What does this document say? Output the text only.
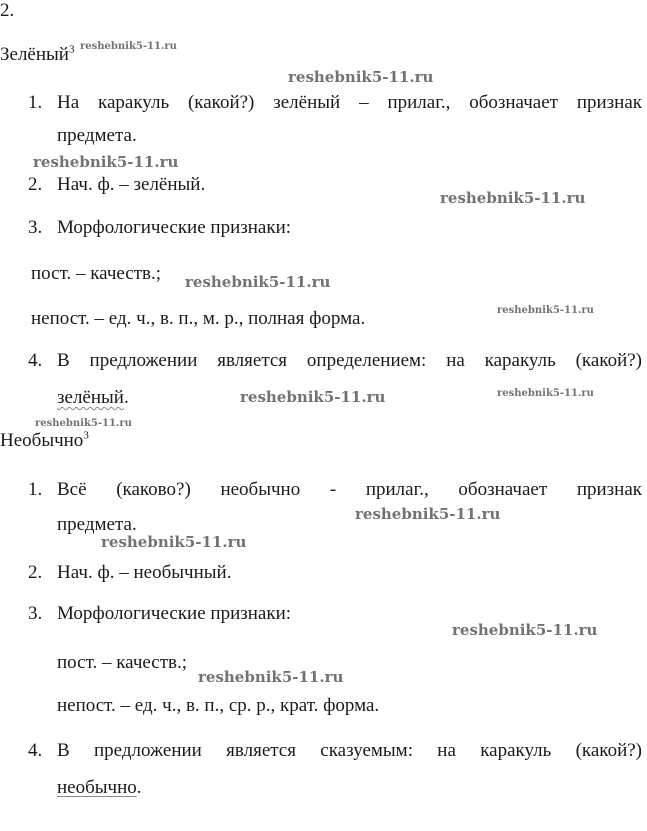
2.
Зелёный$^3$
1. На каракуль (какой?) зелёный – прилаг., обозначает признак
предмета.
2. Нач. ф. – зелёный.
3. Морфологические признаки:
пост. – качеств.;
непост. – ед. ч., в. п., м. р., полная форма.
4. В предложении является определением: на каракуль (какой?)
зелёный.
Необычно$^3$
1. Всё (каково?) необычно - прилаг., обозначает признак
предмета.
2. Нач. ф. – необычный.
3. Морфологические признаки:
пост. – качеств.;
непост. – ед. ч., в. п., ср. р., крат. форма.
4. В предложении является сказуемым: на каракуль (какой?)
необычно.
reshebnik5-11.ru
reshebnik5-11.ru
reshebnik5-11.ru
reshebnik5-11.ru
reshebnik5-11.ru
reshebnik5-11.ru
reshebnik5-11.ru	reshebnik5-11.ru
reshebnik5-11.ru
reshebnik5-11.ru
reshebnik5-11.ru
reshebnik5-11.ru
reshebnik5-11.ru
